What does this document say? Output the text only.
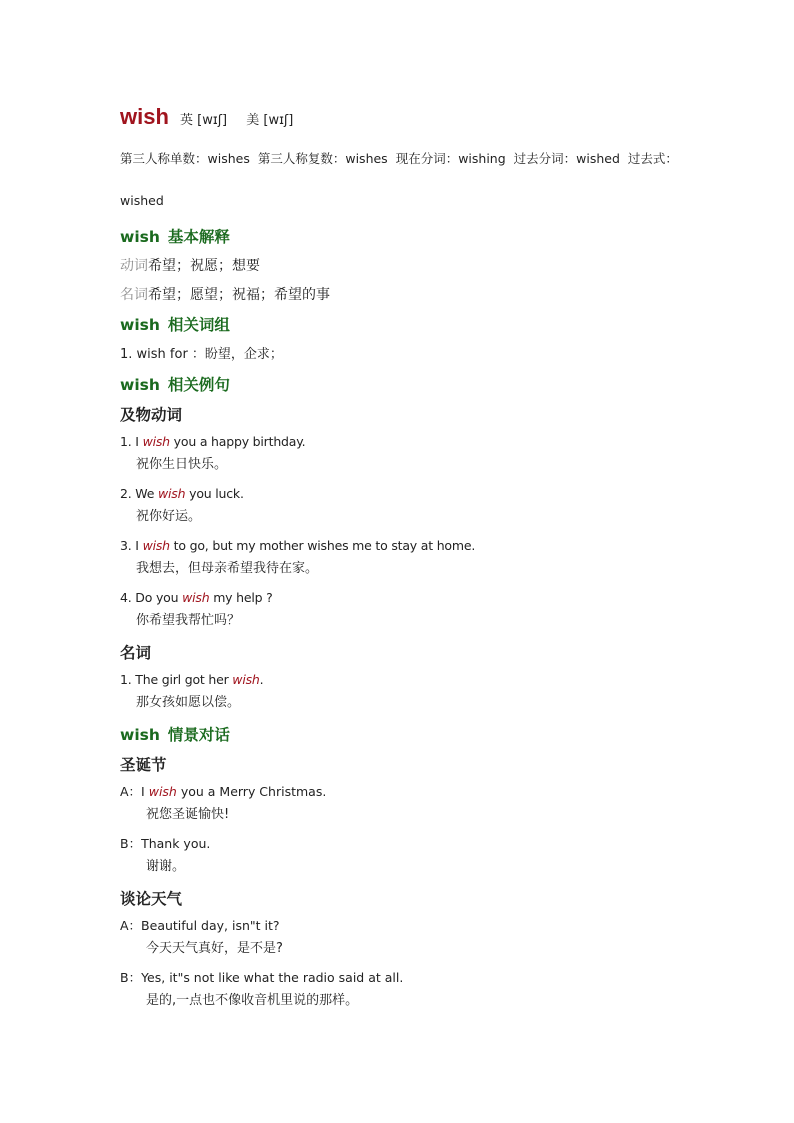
wish 英 [wɪʃ] 美 [wɪʃ]
第三人称单数：wishes 第三人称复数：wishes 现在分词：wishing 过去分词：wished 过去式：wished
wish 基本解释
动词希望；祝愿；想要
名词希望；愿望；祝福；希望的事
wish 相关词组
1. wish for ：盼望，企求；
wish 相关例句
及物动词
1. I wish you a happy birthday.
祝你生日快乐。
2. We wish you luck.
祝你好运。
3. I wish to go, but my mother wishes me to stay at home.
我想去，但母亲希望我待在家。
4. Do you wish my help ?
你希望我帮忙吗？
名词
1. The girl got her wish.
那女孩如愿以偿。
wish 情景对话
圣诞节
A：I wish you a Merry Christmas.
祝您圣诞愉快!
B：Thank you.
谢谢。
谈论天气
A：Beautiful day, isn"t it?
今天天气真好，是不是?
B：Yes, it"s not like what the radio said at all.
是的,一点也不像收音机里说的那样。
